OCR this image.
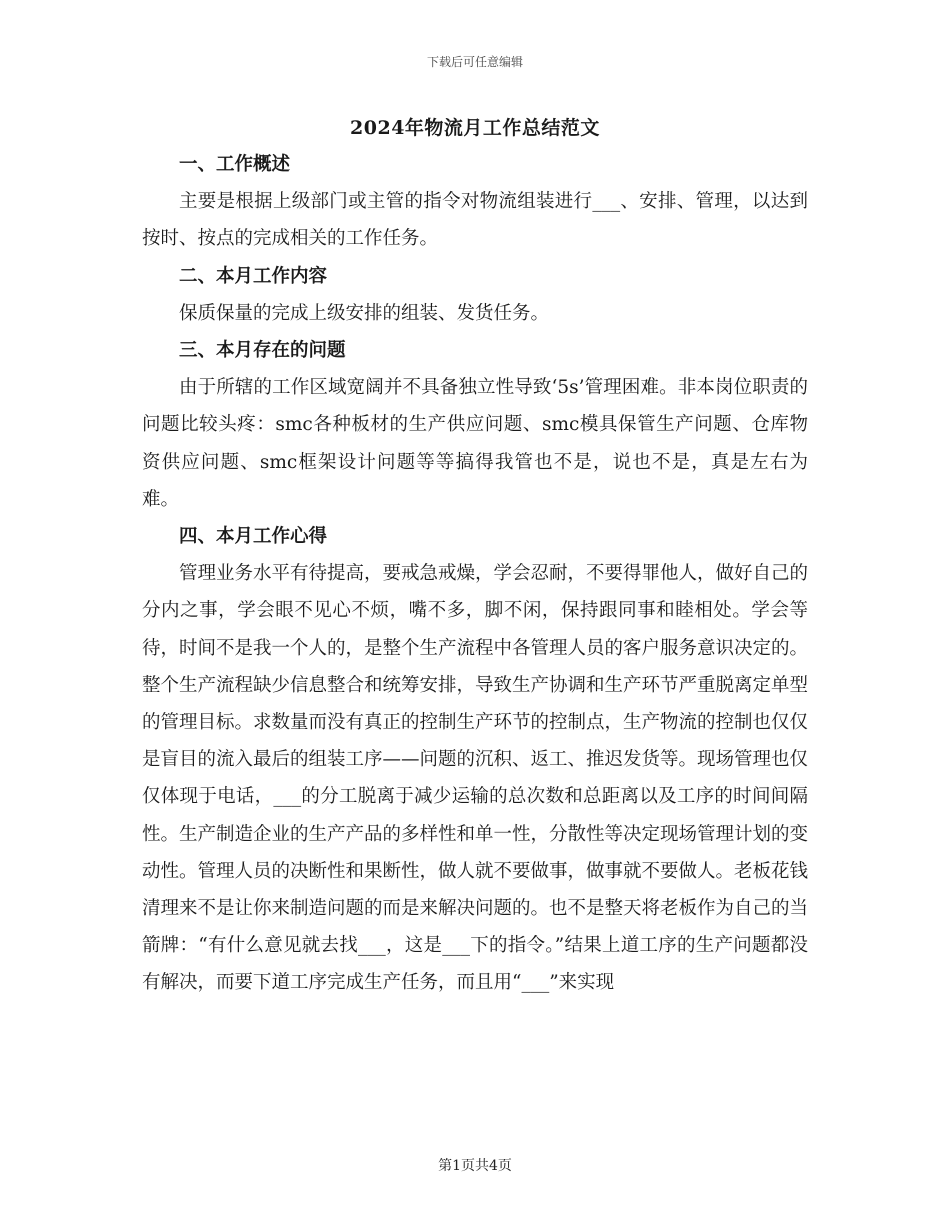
下载后可任意编辑
2024年物流月工作总结范文
一、工作概述

主要是根据上级部门或主管的指令对物流组装进行___、安排、管理，以达到按时、按点的完成相关的工作任务。

二、本月工作内容

保质保量的完成上级安排的组装、发货任务。

三、本月存在的问题

由于所辖的工作区域宽阔并不具备独立性导致‘5s’管理困难。非本岗位职责的问题比较头疼：smc各种板材的生产供应问题、smc模具保管生产问题、仓库物资供应问题、smc框架设计问题等等搞得我管也不是，说也不是，真是左右为难。

四、本月工作心得

管理业务水平有待提高，要戒急戒燥，学会忍耐，不要得罪他人，做好自己的分内之事，学会眼不见心不烦，嘴不多，脚不闲，保持跟同事和睦相处。学会等待，时间不是我一个人的，是整个生产流程中各管理人员的客户服务意识决定的。整个生产流程缺少信息整合和统筹安排，导致生产协调和生产环节严重脱离定单型的管理目标。求数量而没有真正的控制生产环节的控制点，生产物流的控制也仅仅是盲目的流入最后的组装工序——问题的沉积、返工、推迟发货等。现场管理也仅仅体现于电话，___的分工脱离于减少运输的总次数和总距离以及工序的时间间隔性。生产制造企业的生产产品的多样性和单一性，分散性等决定现场管理计划的变动性。管理人员的决断性和果断性，做人就不要做事，做事就不要做人。老板花钱清理来不是让你来制造问题的而是来解决问题的。也不是整天将老板作为自己的当箭牌：“有什么意见就去找___，这是___下的指令。”结果上道工序的生产问题都没有解决，而要下道工序完成生产任务，而且用“___”来实现

第1页共4页
